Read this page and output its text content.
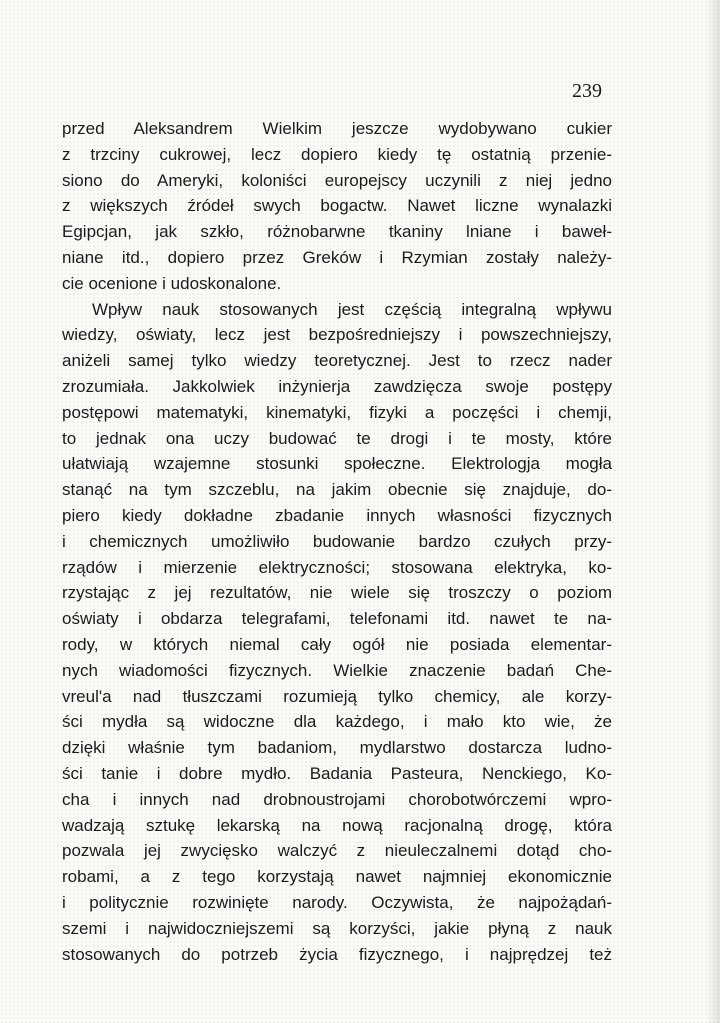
239
przed Aleksandrem Wielkim jeszcze wydobywano cukier
z trzciny cukrowej, lecz dopiero kiedy tę ostatnią przenie-
siono do Ameryki, koloniści europejscy uczynili z niej jedno
z większych źródeł swych bogactw. Nawet liczne wynalazki
Egipcjan, jak szkło, różnobarwne tkaniny lniane i baweł-
niane itd., dopiero przez Greków i Rzymian zostały należy-
cie ocenione i udoskonalone.
Wpływ nauk stosowanych jest częścią integralną wpływu
wiedzy, oświaty, lecz jest bezpośredniejszy i powszechniejszy,
aniżeli samej tylko wiedzy teoretycznej. Jest to rzecz nader
zrozumiała. Jakkolwiek inżynierja zawdzięcza swoje postępy
postępowi matematyki, kinematyki, fizyki a poczęści i chemji,
to jednak ona uczy budować te drogi i te mosty, które
ułatwiają wzajemne stosunki społeczne. Elektrologja mogła
stanąć na tym szczeblu, na jakim obecnie się znajduje, do-
piero kiedy dokładne zbadanie innych własności fizycznych
i chemicznych umożliwiło budowanie bardzo czułych przy-
rządów i mierzenie elektryczności; stosowana elektryka, ko-
rzystając z jej rezultatów, nie wiele się troszczy o poziom
oświaty i obdarza telegrafami, telefonami itd. nawet te na-
rody, w których niemal cały ogół nie posiada elementar-
nych wiadomości fizycznych. Wielkie znaczenie badań Che-
vreul'a nad tłuszczami rozumieją tylko chemicy, ale korzy-
ści mydła są widoczne dla każdego, i mało kto wie, że
dzięki właśnie tym badaniom, mydlarstwo dostarcza ludno-
ści tanie i dobre mydło. Badania Pasteura, Nenckiego, Ko-
cha i innych nad drobnoustrojami chorobotwórczemi wpro-
wadzają sztukę lekarską na nową racjonalną drogę, która
pozwala jej zwycięsko walczyć z nieuleczalnemi dotąd cho-
robami, a z tego korzystają nawet najmniej ekonomicznie
i politycznie rozwinięte narody. Oczywista, że najpożądań-
szemi i najwidoczniejszemi są korzyści, jakie płyną z nauk
stosowanych do potrzeb życia fizycznego, i najprędzej też
